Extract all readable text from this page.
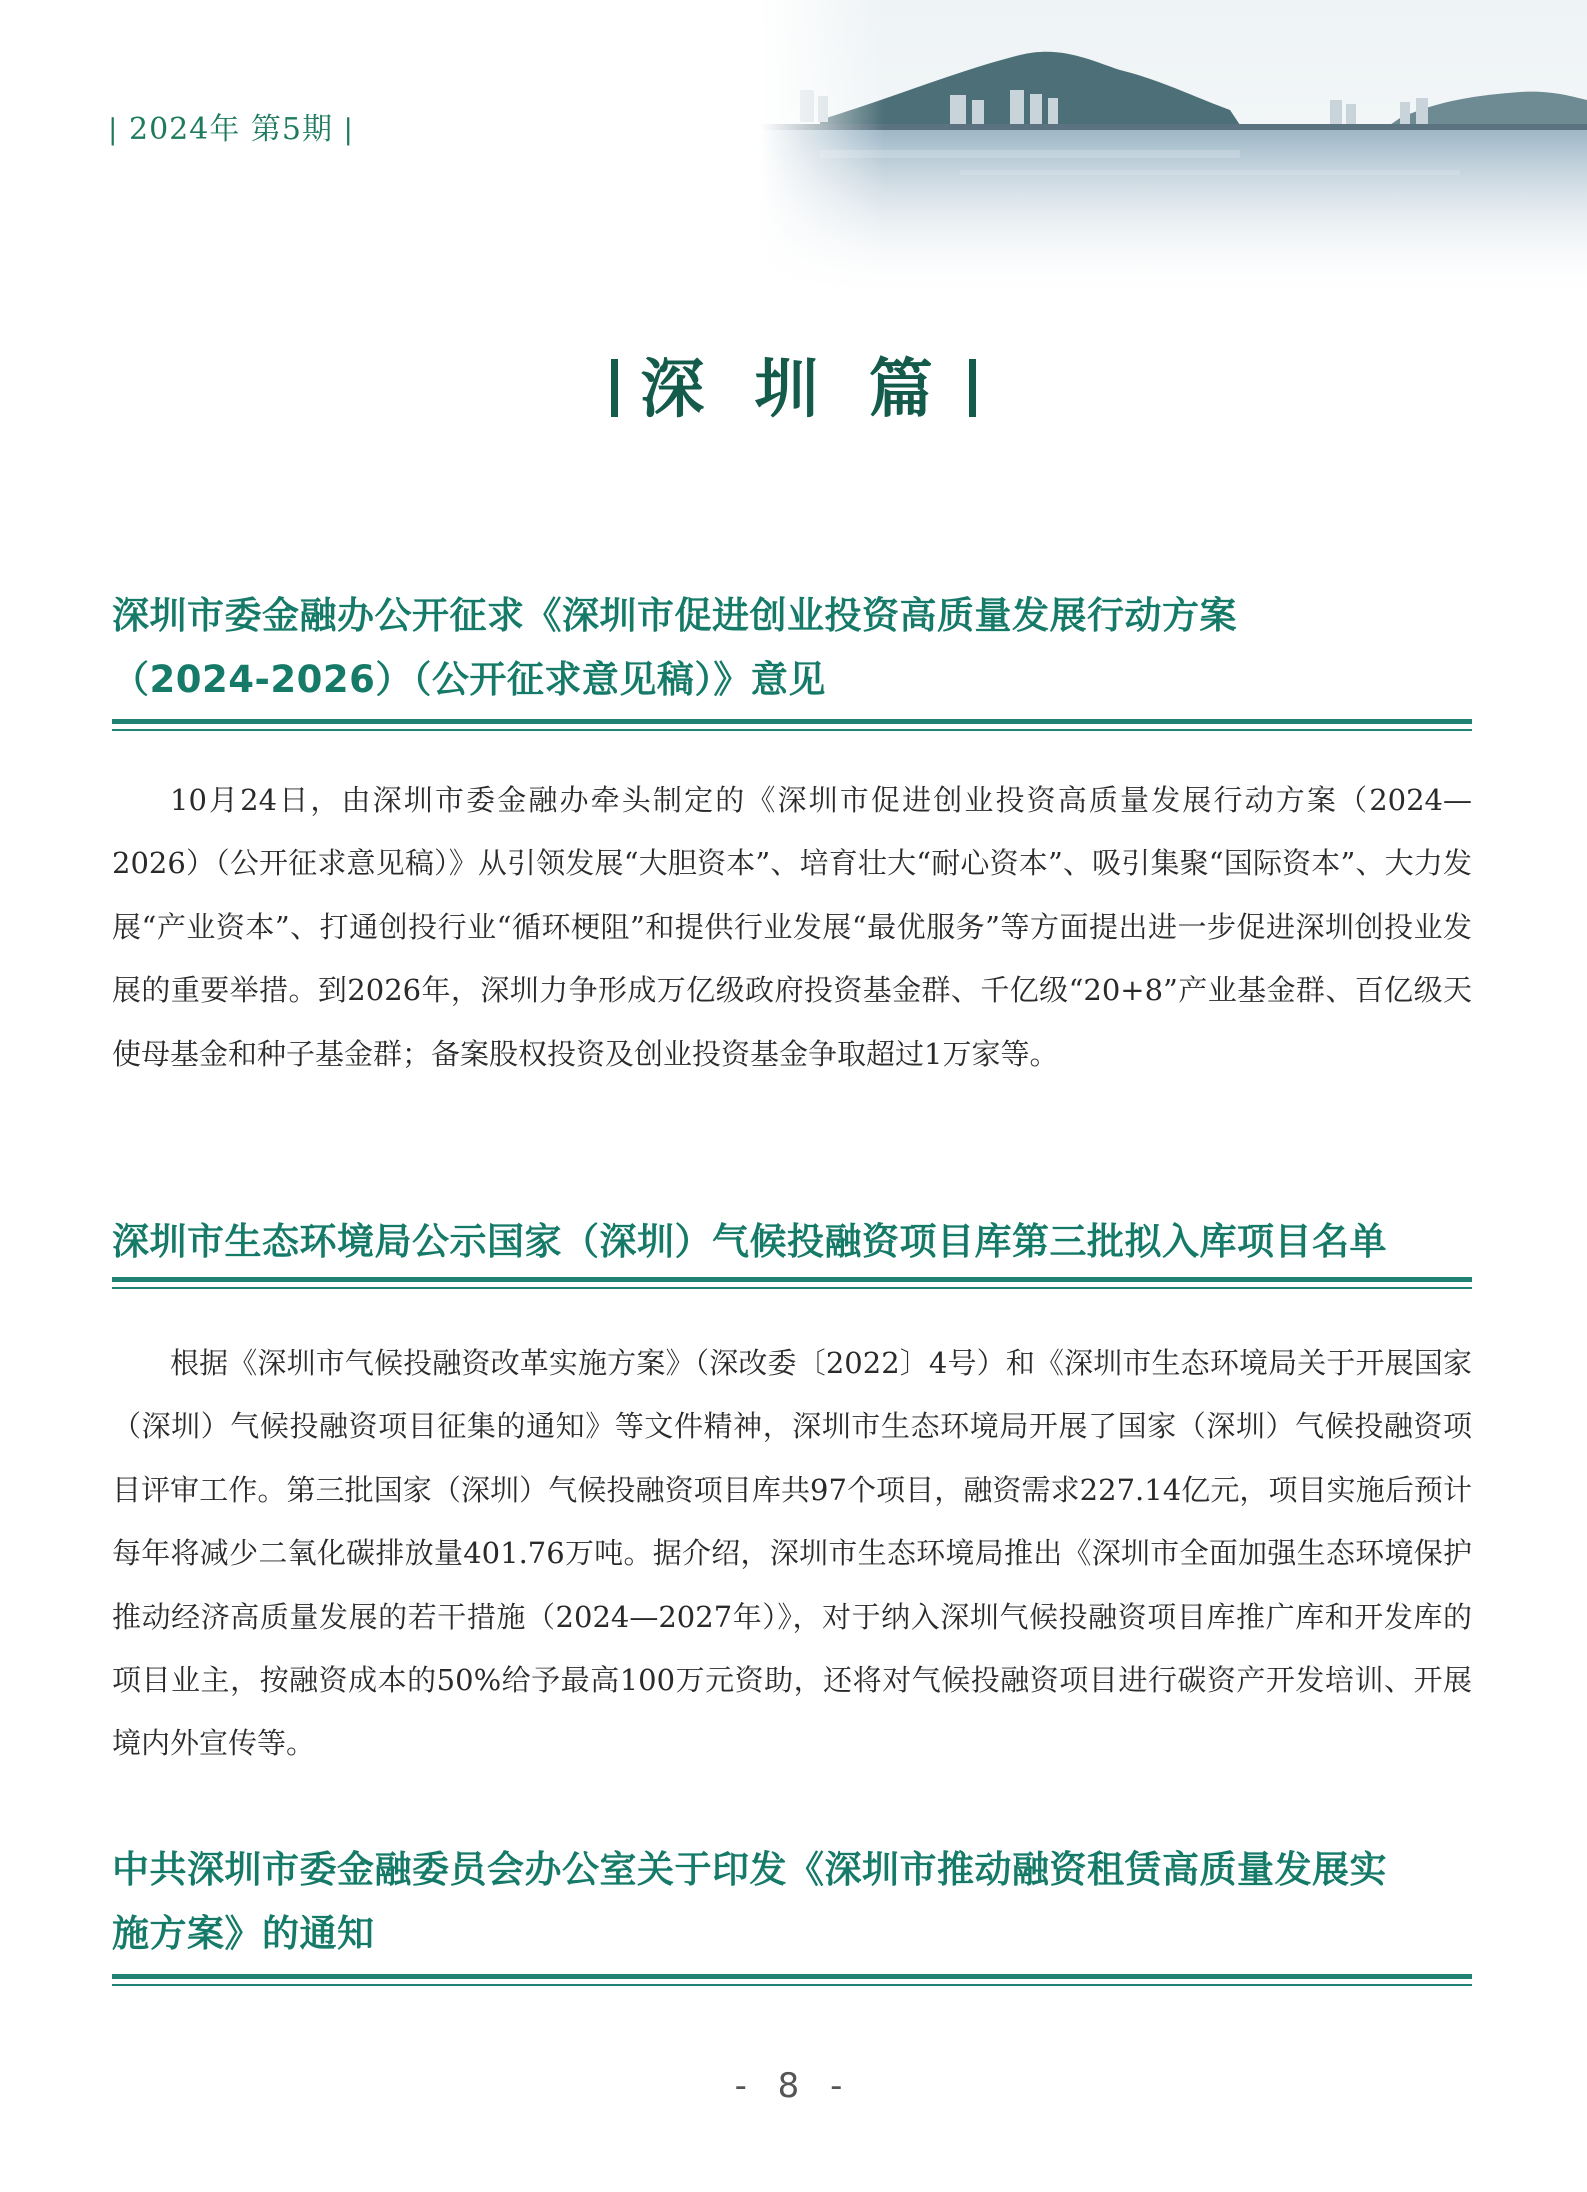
| 2024年 第5期 |
深 圳 篇
深圳市委金融办公开征求《深圳市促进创业投资高质量发展行动方案
（2024-2026）（公开征求意见稿）》意见
10月24日，由深圳市委金融办牵头制定的《深圳市促进创业投资高质量发展行动方案（2024—2026）（公开征求意见稿）》从引领发展“大胆资本”、培育壮大“耐心资本”、吸引集聚“国际资本”、大力发展“产业资本”、打通创投行业“循环梗阻”和提供行业发展“最优服务”等方面提出进一步促进深圳创投业发展的重要举措。到2026年，深圳力争形成万亿级政府投资基金群、千亿级“20+8”产业基金群、百亿级天使母基金和种子基金群；备案股权投资及创业投资基金争取超过1万家等。
深圳市生态环境局公示国家（深圳）气候投融资项目库第三批拟入库项目名单
根据《深圳市气候投融资改革实施方案》（深改委〔2022〕4号）和《深圳市生态环境局关于开展国家（深圳）气候投融资项目征集的通知》等文件精神，深圳市生态环境局开展了国家（深圳）气候投融资项目评审工作。第三批国家（深圳）气候投融资项目库共97个项目，融资需求227.14亿元，项目实施后预计每年将减少二氧化碳排放量401.76万吨。据介绍，深圳市生态环境局推出《深圳市全面加强生态环境保护推动经济高质量发展的若干措施（2024—2027年）》，对于纳入深圳气候投融资项目库推广库和开发库的项目业主，按融资成本的50%给予最高100万元资助，还将对气候投融资项目进行碳资产开发培训、开展境内外宣传等。
中共深圳市委金融委员会办公室关于印发《深圳市推动融资租赁高质量发展实
施方案》的通知
- 8 -
